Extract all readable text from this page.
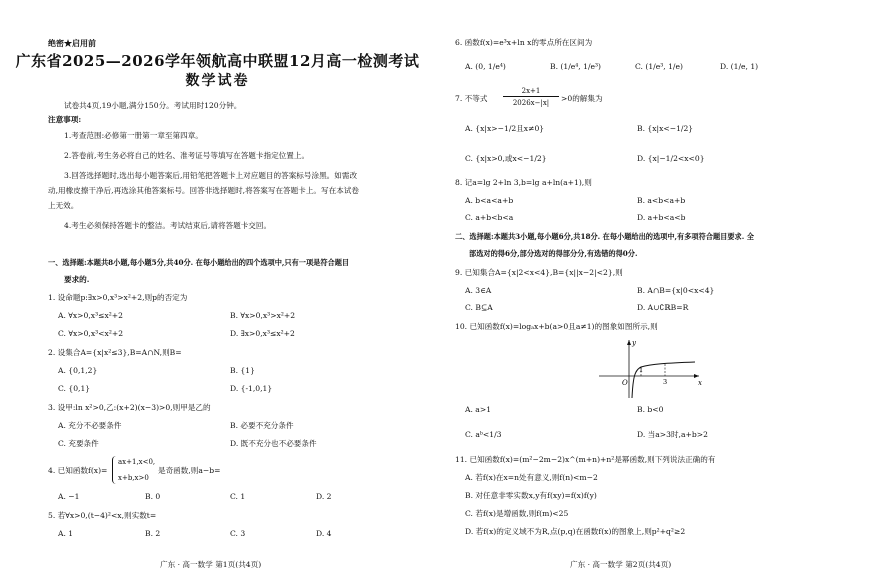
绝密★启用前
广东省2025—2026学年领航高中联盟12月高一检测考试
数学试卷
试卷共4页,19小题,满分150分。考试用时120分钟。
注意事项:
1.考查范围:必修第一册第一章至第四章。
2.答卷前,考生务必将自己的姓名、准考证号等填写在答题卡指定位置上。
3.回答选择题时,选出每小题答案后,用铅笔把答题卡上对应题目的答案标号涂黑。如需改
动,用橡皮擦干净后,再选涂其他答案标号。回答非选择题时,将答案写在答题卡上。写在本试卷
上无效。
4.考生必须保持答题卡的整洁。考试结束后,请将答题卡交回。
一、选择题:本题共8小题,每小题5分,共40分. 在每小题给出的四个选项中,只有一项是符合题目
要求的.
1. 设命题p:∃x>0,x³>x²+2,则p的否定为
A. ∀x>0,x³≤x²+2	B. ∀x>0,x³>x²+2
C. ∀x>0,x³<x²+2	D. ∃x>0,x³≤x²+2
2. 设集合A={x|x²≤3},B=A∩N,则B=
A. {0,1,2}	B. {1}
C. {0,1}	D. {-1,0,1}
3. 设甲:ln x²>0,乙:(x+2)(x−3)>0,则甲是乙的
A. 充分不必要条件	B. 必要不充分条件
C. 充要条件	D. 既不充分也不必要条件
4. 已知函数f(x)=
ax+1,x<0,
x+b,x>0
是奇函数,则a−b=
A. −1	B. 0	C. 1	D. 2
5. 若∀x>0,(t−4)²<x,则实数t=
A. 1	B. 2	C. 3	D. 4
广东 · 高一数学 第1页(共4页)
6. 函数f(x)=e³x+ln x的零点所在区间为
A. (0, 1/e⁴)	B. (1/e⁴, 1/e³)	C. (1/e³, 1/e)	D. (1/e, 1)
7. 不等式
2x+1
2026x−|x|	>0的解集为
A. {x|x>−1/2且x≠0}	B. {x|x<−1/2}
C. {x|x>0,或x<−1/2}	D. {x|−1/2<x<0}
8. 记a=lg 2+ln 3,b=lg a+ln(a+1),则
A. b<a<a+b	B. a<b<a+b
C. a+b<b<a	D. a+b<a<b
二、选择题:本题共3小题,每小题6分,共18分. 在每小题给出的选项中,有多项符合题目要求. 全
部选对的得6分,部分选对的得部分分,有选错的得0分.
9. 已知集合A={x|2<x<4},B={x||x−2|<2},则
A. 3∈A	B. A∩B={x|0<x<4}
C. B⊆A	D. A∪∁ℝB=R
10. 已知函数f(x)=logₐx+b(a>0且a≠1)的图象如图所示,则
O	x
y
1
3
A. a>1	B. b<0
C. aᵇ<1/3	D. 当a>3时,a+b>2
11. 已知函数f(x)=(m²−2m−2)x^(m+n)+n²是幂函数,则下列说法正确的有
A. 若f(x)在x=n处有意义,则f(n)<m−2
B. 对任意非零实数x,y有f(xy)=f(x)f(y)
C. 若f(x)是增函数,则f(m)<25
D. 若f(x)的定义域不为R,点(p,q)在函数f(x)的图象上,则p²+q²≥2
广东 · 高一数学 第2页(共4页)
